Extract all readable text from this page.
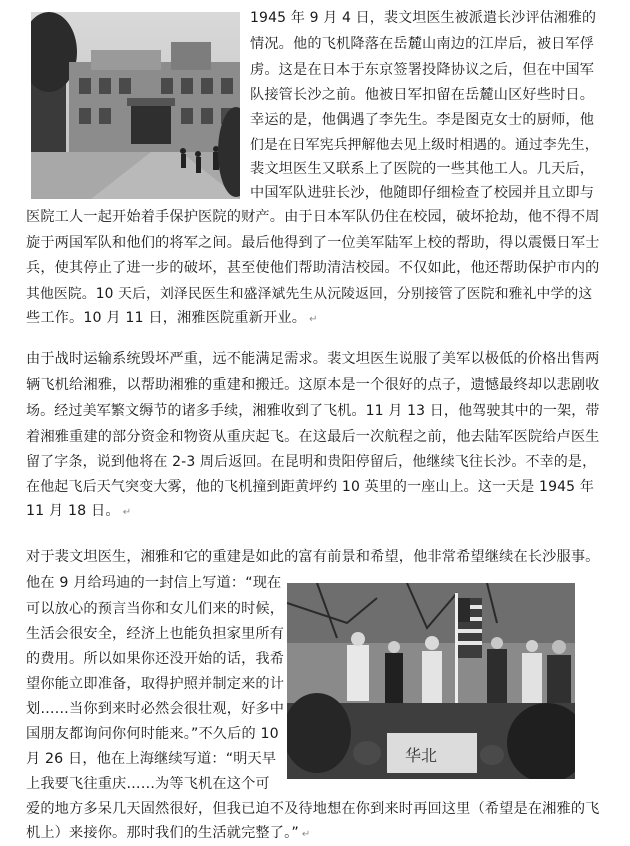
华北

1945 年 9 月 4 日，裴文坦医生被派遣长沙评估湘雅的

情况。他的飞机降落在岳麓山南边的江岸后，被日军俘

虏。这是在日本于东京签署投降协议之后，但在中国军

队接管长沙之前。他被日军扣留在岳麓山区好些时日。

幸运的是，他偶遇了李先生。李是图克女士的厨师，他

们是在日军宪兵押解他去见上级时相遇的。通过李先生，

裴文坦医生又联系上了医院的一些其他工人。几天后，

中国军队进驻长沙，他随即仔细检查了校园并且立即与

医院工人一起开始着手保护医院的财产。由于日本军队仍住在校园，破坏抢劫，他不得不周

旋于两国军队和他们的将军之间。最后他得到了一位美军陆军上校的帮助，得以震慑日军士

兵，使其停止了进一步的破坏，甚至使他们帮助清洁校园。不仅如此，他还帮助保护市内的

其他医院。10 天后，刘泽民医生和盛泽斌先生从沅陵返回，分别接管了医院和雅礼中学的这

些工作。10 月 11 日，湘雅医院重新开业。 ↵

由于战时运输系统毁坏严重，远不能满足需求。裴文坦医生说服了美军以极低的价格出售两

辆飞机给湘雅，以帮助湘雅的重建和搬迁。这原本是一个很好的点子，遗憾最终却以悲剧收

场。经过美军繁文缛节的诸多手续，湘雅收到了飞机。11 月 13 日，他驾驶其中的一架，带

着湘雅重建的部分资金和物资从重庆起飞。在这最后一次航程之前，他去陆军医院给卢医生

留了字条，说到他将在 2-3 周后返回。在昆明和贵阳停留后，他继续飞往长沙。不幸的是，

在他起飞后天气突变大雾，他的飞机撞到距黄坪约 10 英里的一座山上。这一天是 1945 年

11 月 18 日。 ↵

对于裴文坦医生，湘雅和它的重建是如此的富有前景和希望，他非常希望继续在长沙服事。

他在 9 月给玛迪的一封信上写道：“现在

可以放心的预言当你和女儿们来的时候，

生活会很安全，经济上也能负担家里所有

的费用。所以如果你还没开始的话，我希

望你能立即准备，取得护照并制定来的计

划……当你到来时必然会很壮观，好多中

国朋友都询问你何时能来。”不久后的 10

月 26 日，他在上海继续写道：“明天早

上我要飞往重庆……为等飞机在这个可

爱的地方多呆几天固然很好，但我已迫不及待地想在你到来时再回这里（希望是在湘雅的飞

机上）来接你。那时我们的生活就完整了。” ↵
